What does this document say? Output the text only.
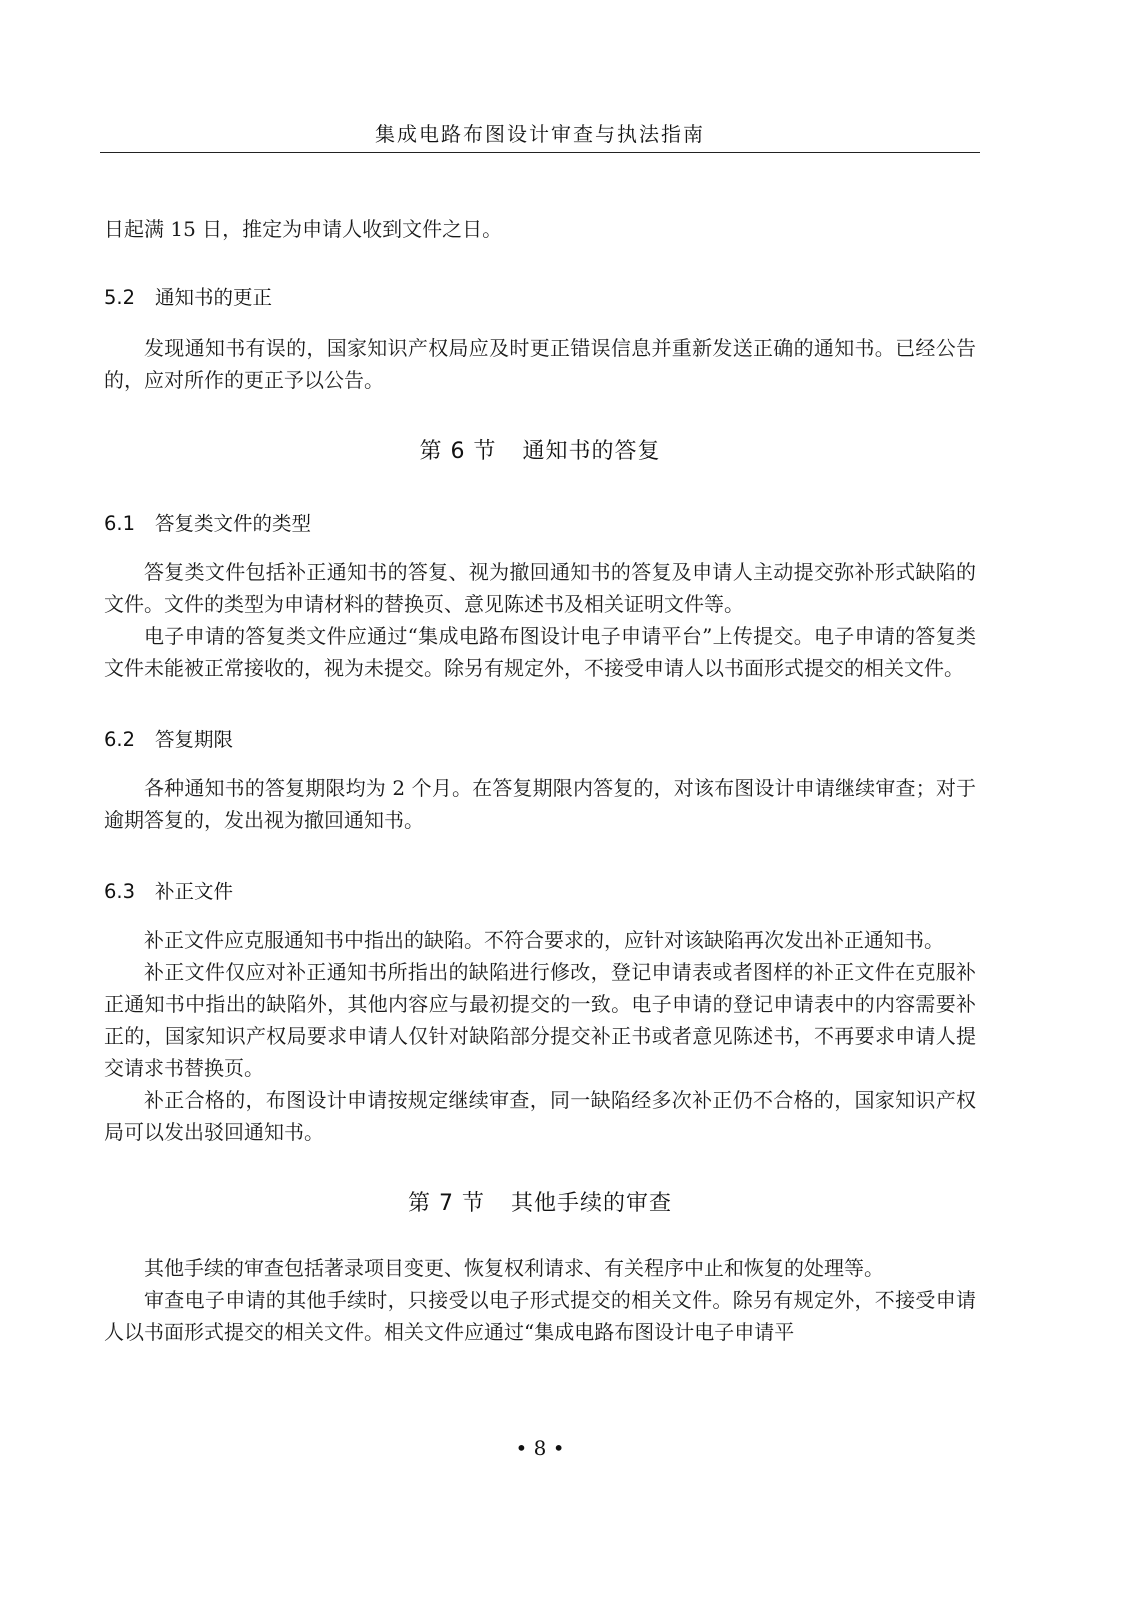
集成电路布图设计审查与执法指南

日起满 15 日，推定为申请人收到文件之日。

5.2 通知书的更正

发现通知书有误的，国家知识产权局应及时更正错误信息并重新发送正确的通知书。已经公告的，应对所作的更正予以公告。

第 6 节 通知书的答复

6.1 答复类文件的类型

答复类文件包括补正通知书的答复、视为撤回通知书的答复及申请人主动提交弥补形式缺陷的文件。文件的类型为申请材料的替换页、意见陈述书及相关证明文件等。

电子申请的答复类文件应通过“集成电路布图设计电子申请平台”上传提交。电子申请的答复类文件未能被正常接收的，视为未提交。除另有规定外，不接受申请人以书面形式提交的相关文件。

6.2 答复期限

各种通知书的答复期限均为 2 个月。在答复期限内答复的，对该布图设计申请继续审查；对于逾期答复的，发出视为撤回通知书。

6.3 补正文件

补正文件应克服通知书中指出的缺陷。不符合要求的，应针对该缺陷再次发出补正通知书。

补正文件仅应对补正通知书所指出的缺陷进行修改，登记申请表或者图样的补正文件在克服补正通知书中指出的缺陷外，其他内容应与最初提交的一致。电子申请的登记申请表中的内容需要补正的，国家知识产权局要求申请人仅针对缺陷部分提交补正书或者意见陈述书，不再要求申请人提交请求书替换页。

补正合格的，布图设计申请按规定继续审查，同一缺陷经多次补正仍不合格的，国家知识产权局可以发出驳回通知书。

第 7 节 其他手续的审查

其他手续的审查包括著录项目变更、恢复权利请求、有关程序中止和恢复的处理等。

审查电子申请的其他手续时，只接受以电子形式提交的相关文件。除另有规定外，不接受申请人以书面形式提交的相关文件。相关文件应通过“集成电路布图设计电子申请平

• 8 •
